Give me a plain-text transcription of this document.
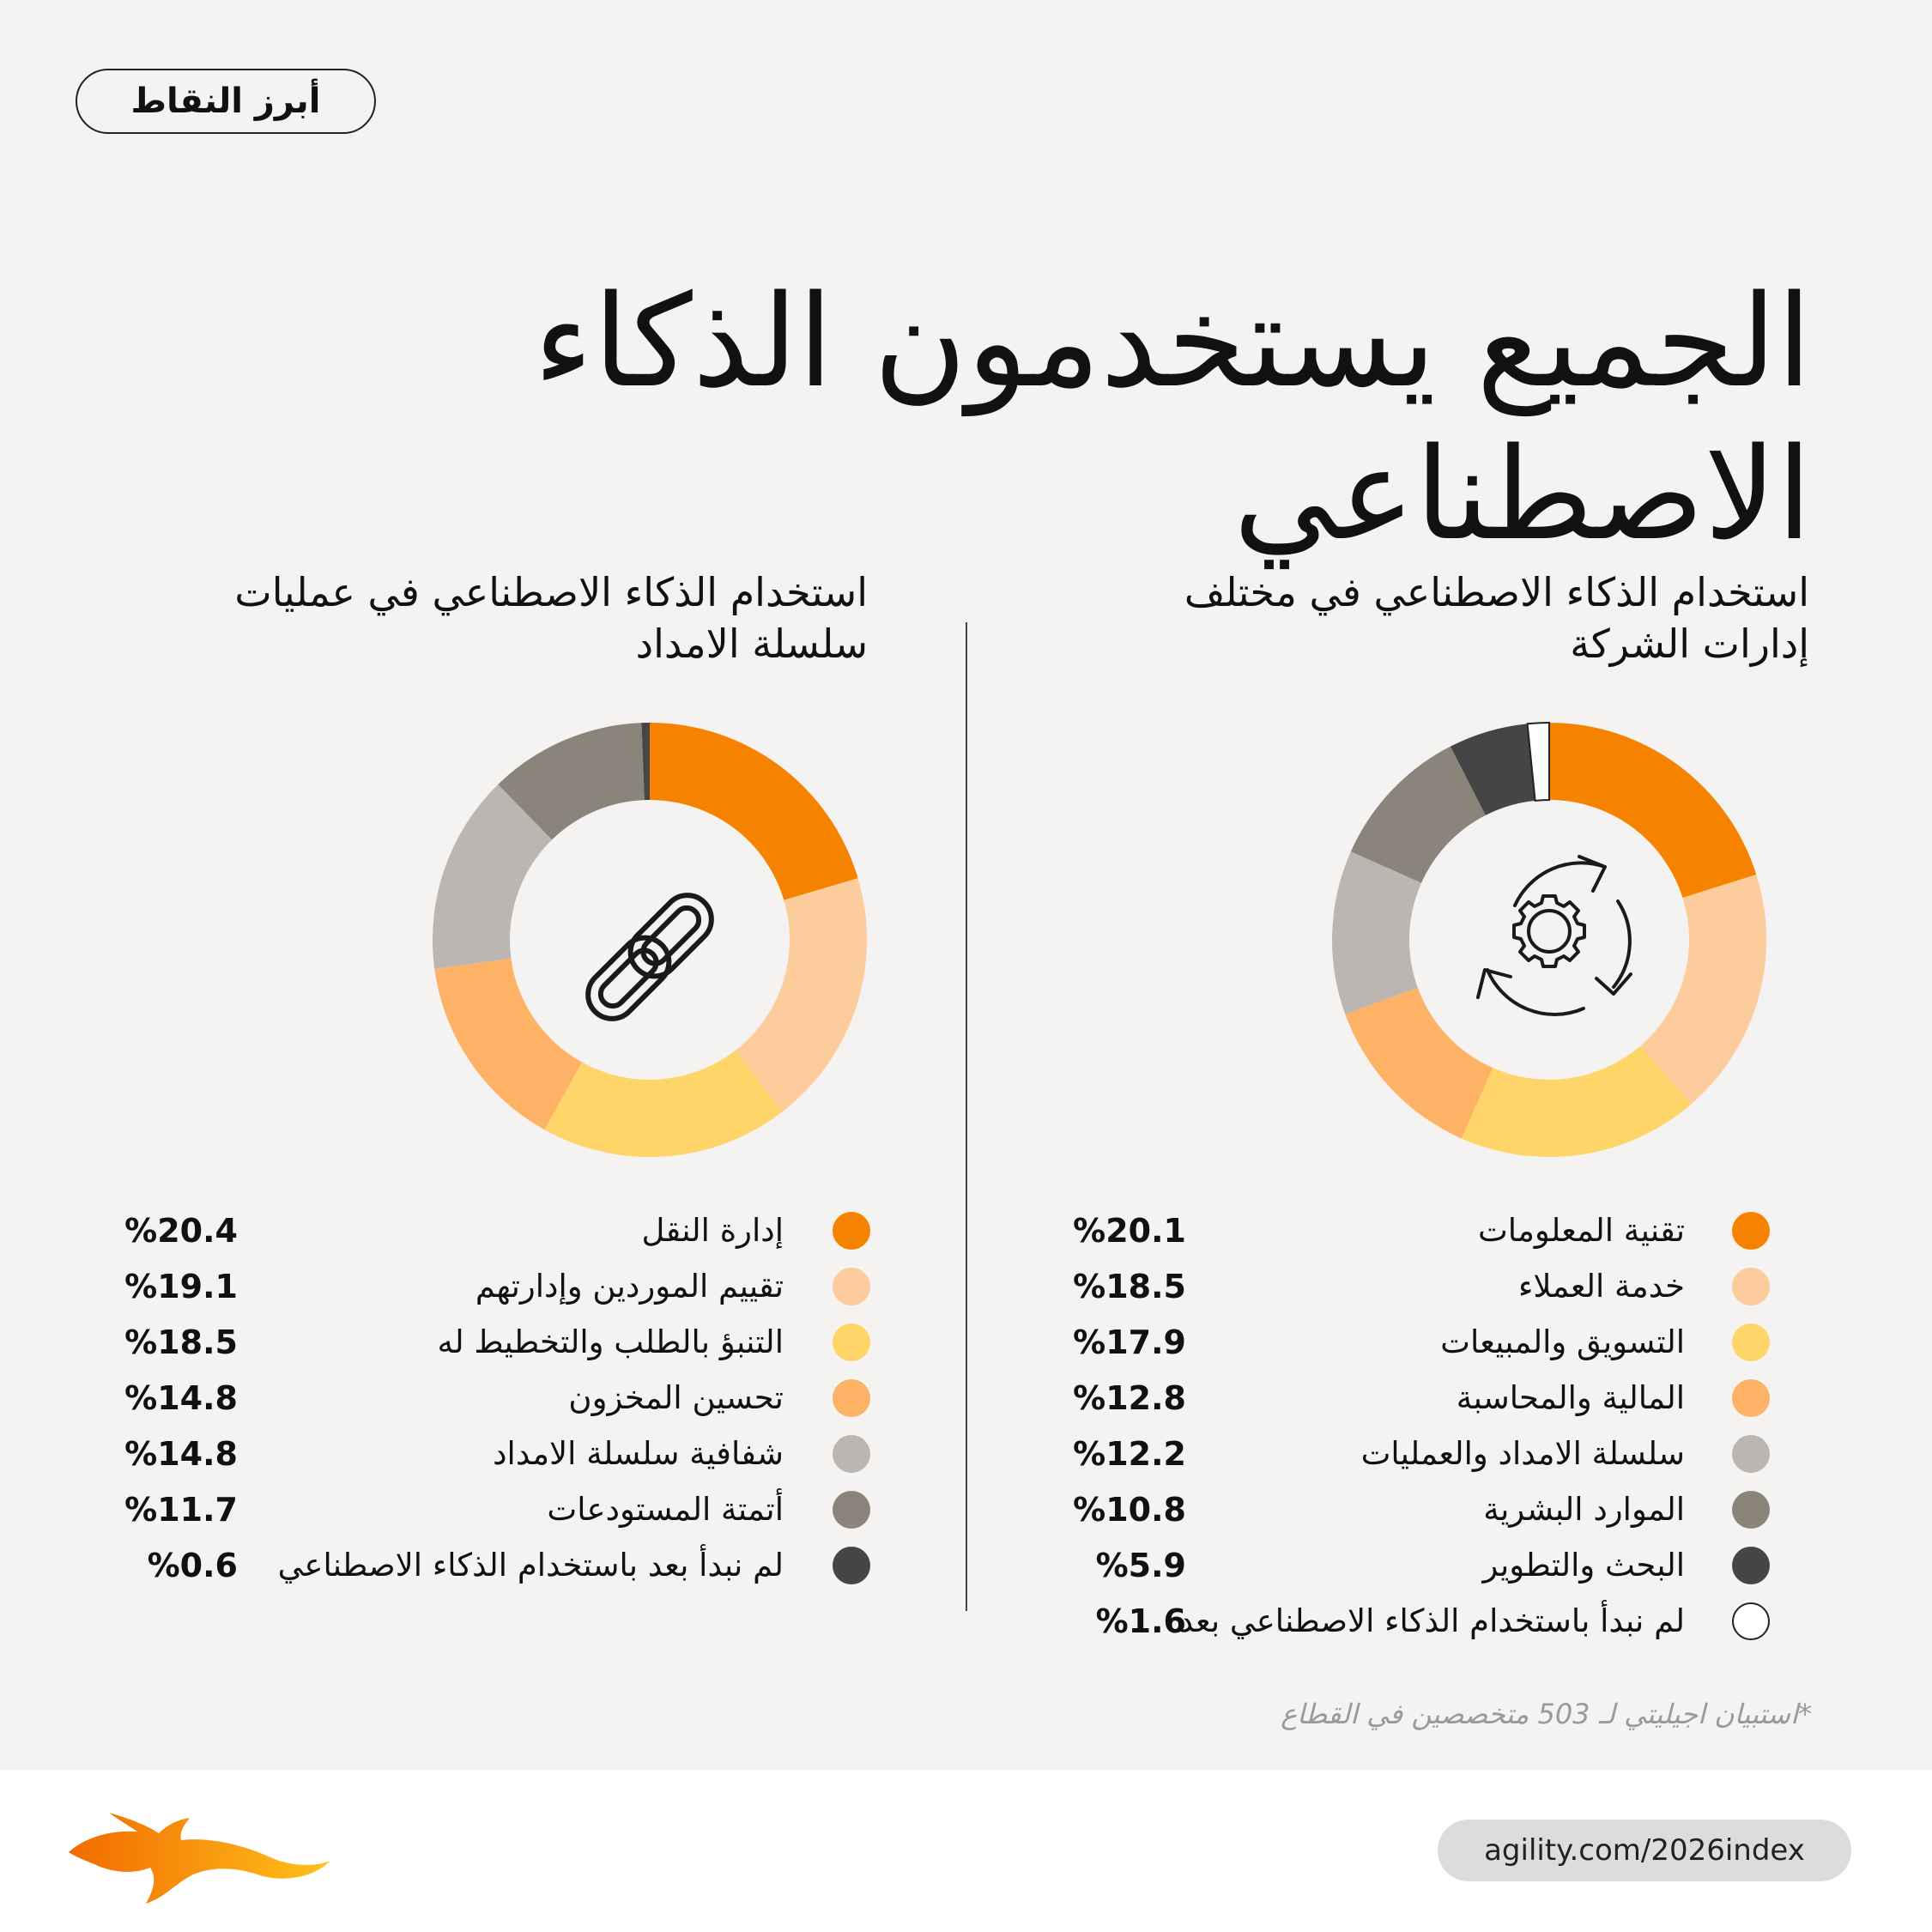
أبرز النقاط
الجميع يستخدمون الذكاء الاصطناعي
استخدام الذكاء الاصطناعي في مختلف
إدارات الشركة
استخدام الذكاء الاصطناعي في عمليات
سلسلة الامداد
تقنية المعلومات
%20.1
خدمة العملاء
%18.5
التسويق والمبيعات
%17.9
المالية والمحاسبة
%12.8
سلسلة الامداد والعمليات
%12.2
الموارد البشرية
%10.8
البحث والتطوير
%5.9
لم نبدأ باستخدام الذكاء الاصطناعي بعد
%1.6
إدارة النقل
%20.4
تقييم الموردين وإدارتهم
%19.1
التنبؤ بالطلب والتخطيط له
%18.5
تحسين المخزون
%14.8
شفافية سلسلة الامداد
%14.8
أتمتة المستودعات
%11.7
لم نبدأ بعد باستخدام الذكاء الاصطناعي
%0.6
*استبيان اجيليتي لـ 503 متخصصين في القطاع
agility.com/2026index
